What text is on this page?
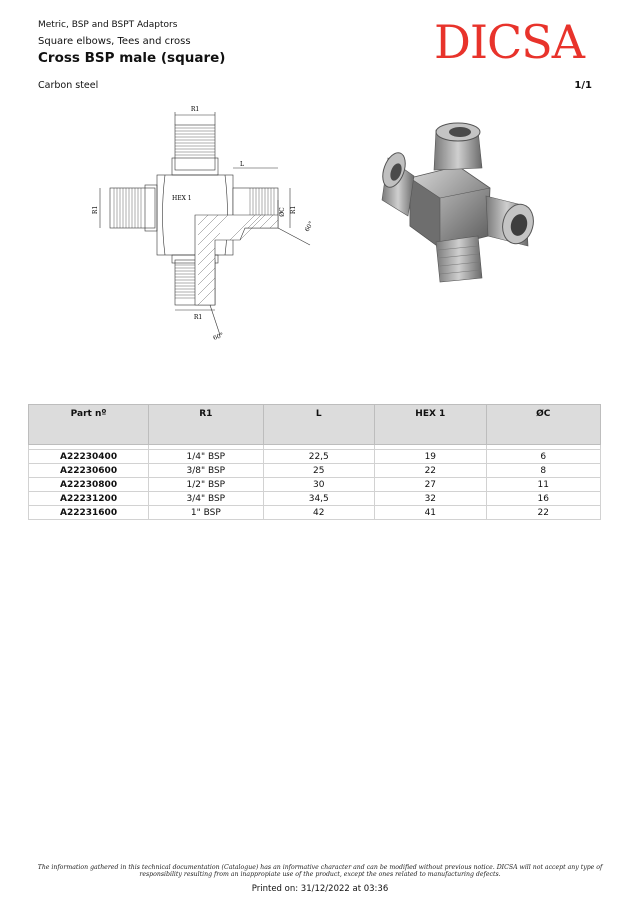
Metric, BSP and BSPT Adaptors
Square elbows, Tees and cross
Cross BSP male (square)
Carbon steel	1/1
DICSA
R1
R1
R1	R1
HEX 1
L
ØC
60°
60°
Part nº	R1	L	HEX 1	ØC

A22230400	1/4" BSP	22,5	19	6
A22230600	3/8" BSP	25	22	8
A22230800	1/2" BSP	30	27	11
A22231200	3/4" BSP	34,5	32	16
A22231600	1" BSP	42	41	22
The information gathered in this technical documentation (Catalogue) has an informative character and can be modified without previous notice. DICSA will not accept any type of responsibility resulting from an inappropiate use of the product, except the ones related to manufacturing defects.
Printed on: 31/12/2022 at 03:36
